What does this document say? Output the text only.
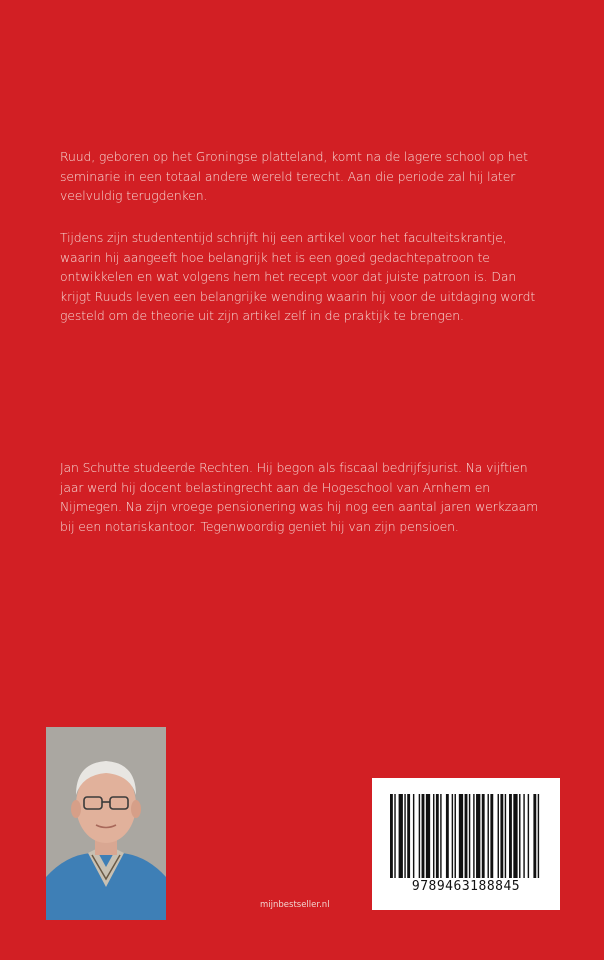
Ruud, geboren op het Groningse platteland, komt na de lagere school op het seminarie in een totaal andere wereld terecht. Aan die periode zal hij later veelvuldig terugdenken.

Tijdens zijn studententijd schrijft hij een artikel voor het faculteitskrantje, waarin hij aangeeft hoe belangrijk het is een goed gedachtepatroon te ontwikkelen en wat volgens hem het recept voor dat juiste patroon is. Dan krijgt Ruuds leven een belangrijke wending waarin hij voor de uitdaging wordt gesteld om de theorie uit zijn artikel zelf in de praktijk te brengen.

Jan Schutte studeerde Rechten. Hij begon als fiscaal bedrijfsjurist. Na vijftien jaar werd hij docent belastingrecht aan de Hogeschool van Arnhem en Nijmegen. Na zijn vroege pensionering was hij nog een aantal jaren werkzaam bij een notariskantoor. Tegenwoordig geniet hij van zijn pensioen.

9789463188845
mijnbestseller.nl
